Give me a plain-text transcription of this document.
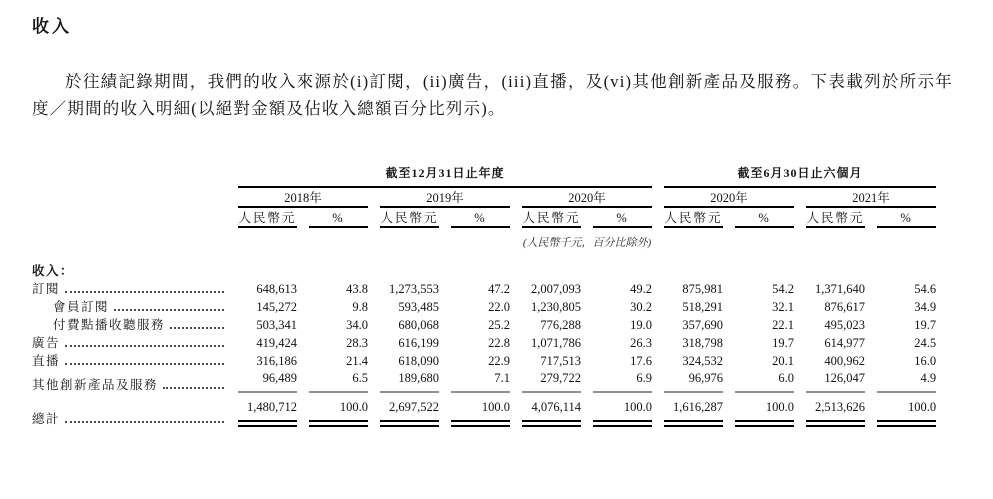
收入

於往績記錄期間，我們的收入來源於(i)訂閱，(ii)廣告，(iii)直播，及(vi)其他創新產品及服務。下表載列於所示年度／期間的收入明細(以絕對金額及佔收入總額百分比列示)。

	截至12月31日止年度						截至6月30日止六個月			
	2018年		2019年		2020年		2020年		2021年	
	人民幣元	%	人民幣元	%	人民幣元	%	人民幣元	%	人民幣元	%
					(人民幣千元，百分比除外)					
收入：										

訂閱	648,613	43.8	1,273,553	47.2	2,007,093	49.2	875,981	54.2	1,371,640	54.6

會員訂閱	145,272	9.8	593,485	22.0	1,230,805	30.2	518,291	32.1	876,617	34.9

付費點播收聽服務	503,341	34.0	680,068	25.2	776,288	19.0	357,690	22.1	495,023	19.7

廣告	419,424	28.3	616,199	22.8	1,071,786	26.3	318,798	19.7	614,977	24.5

直播	316,186	21.4	618,090	22.9	717,513	17.6	324,532	20.1	400,962	16.0

其他創新產品及服務	96,489	6.5	189,680	7.1	279,722	6.9	96,976	6.0	126,047	4.9

總計	1,480,712	100.0	2,697,522	100.0	4,076,114	100.0	1,616,287	100.0	2,513,626	100.0
